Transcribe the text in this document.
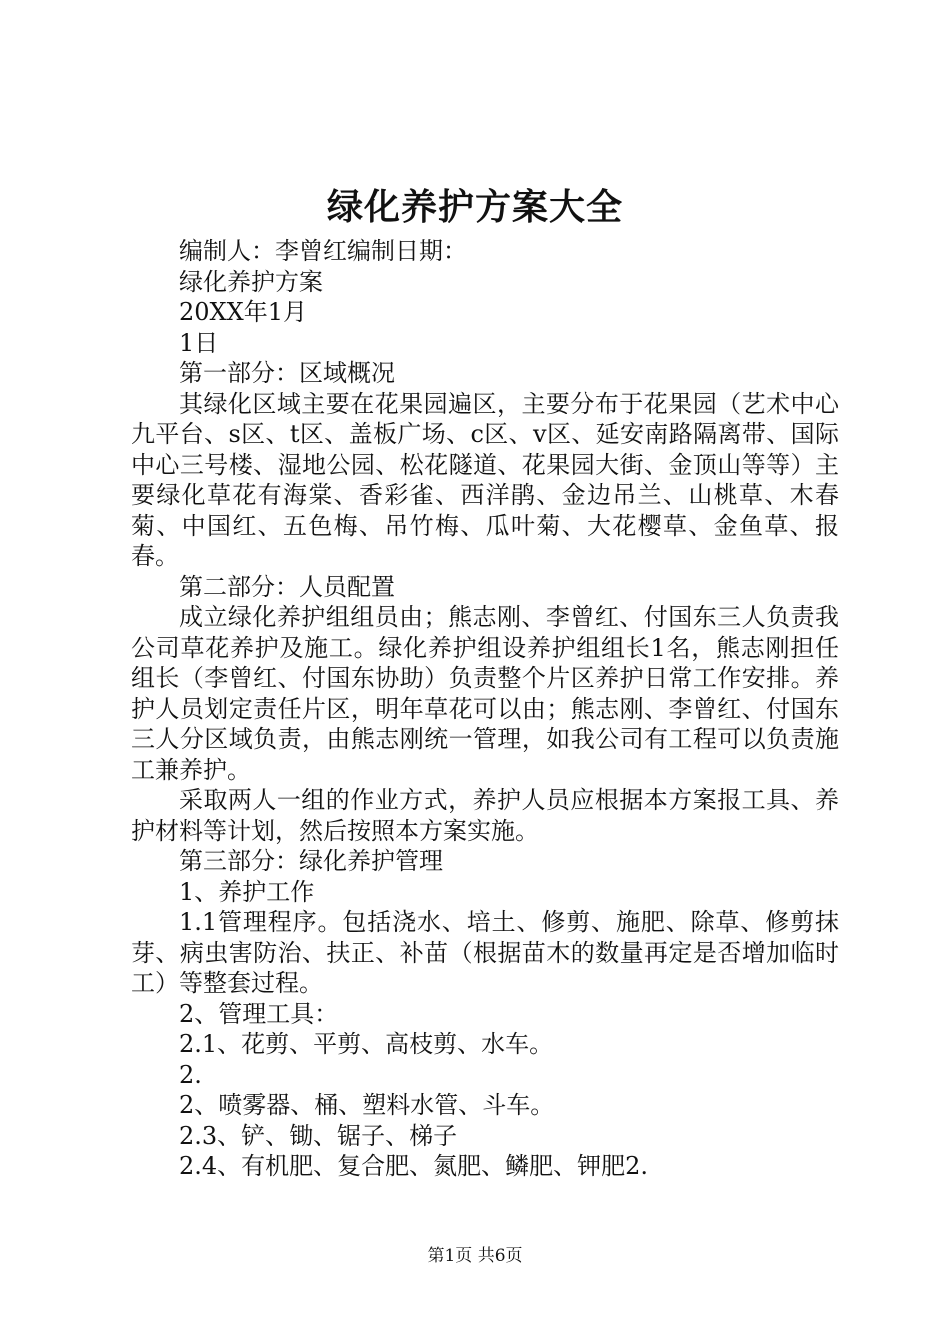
绿化养护方案大全

编制人：李曾红编制日期：

绿化养护方案

20XX年1月

1日

第一部分：区域概况

其绿化区域主要在花果园遍区，主要分布于花果园（艺术中心九平台、s区、t区、盖板广场、c区、v区、延安南路隔离带、国际中心三号楼、湿地公园、松花隧道、花果园大街、金顶山等等）主要绿化草花有海棠、香彩雀、西洋鹃、金边吊兰、山桃草、木春菊、中国红、五色梅、吊竹梅、瓜叶菊、大花樱草、金鱼草、报春。

第二部分：人员配置

成立绿化养护组组员由；熊志刚、李曾红、付国东三人负责我公司草花养护及施工。绿化养护组设养护组组长1名，熊志刚担任组长（李曾红、付国东协助）负责整个片区养护日常工作安排。养护人员划定责任片区，明年草花可以由；熊志刚、李曾红、付国东三人分区域负责，由熊志刚统一管理，如我公司有工程可以负责施工兼养护。

采取两人一组的作业方式，养护人员应根据本方案报工具、养护材料等计划，然后按照本方案实施。

第三部分：绿化养护管理

1、养护工作

1.1管理程序。包括浇水、培土、修剪、施肥、除草、修剪抹芽、病虫害防治、扶正、补苗（根据苗木的数量再定是否增加临时工）等整套过程。

2、管理工具：

2.1、花剪、平剪、高枝剪、水车。

2.

2、喷雾器、桶、塑料水管、斗车。

2.3、铲、锄、锯子、梯子

2.4、有机肥、复合肥、氮肥、鳞肥、钾肥2.

第1页 共6页
